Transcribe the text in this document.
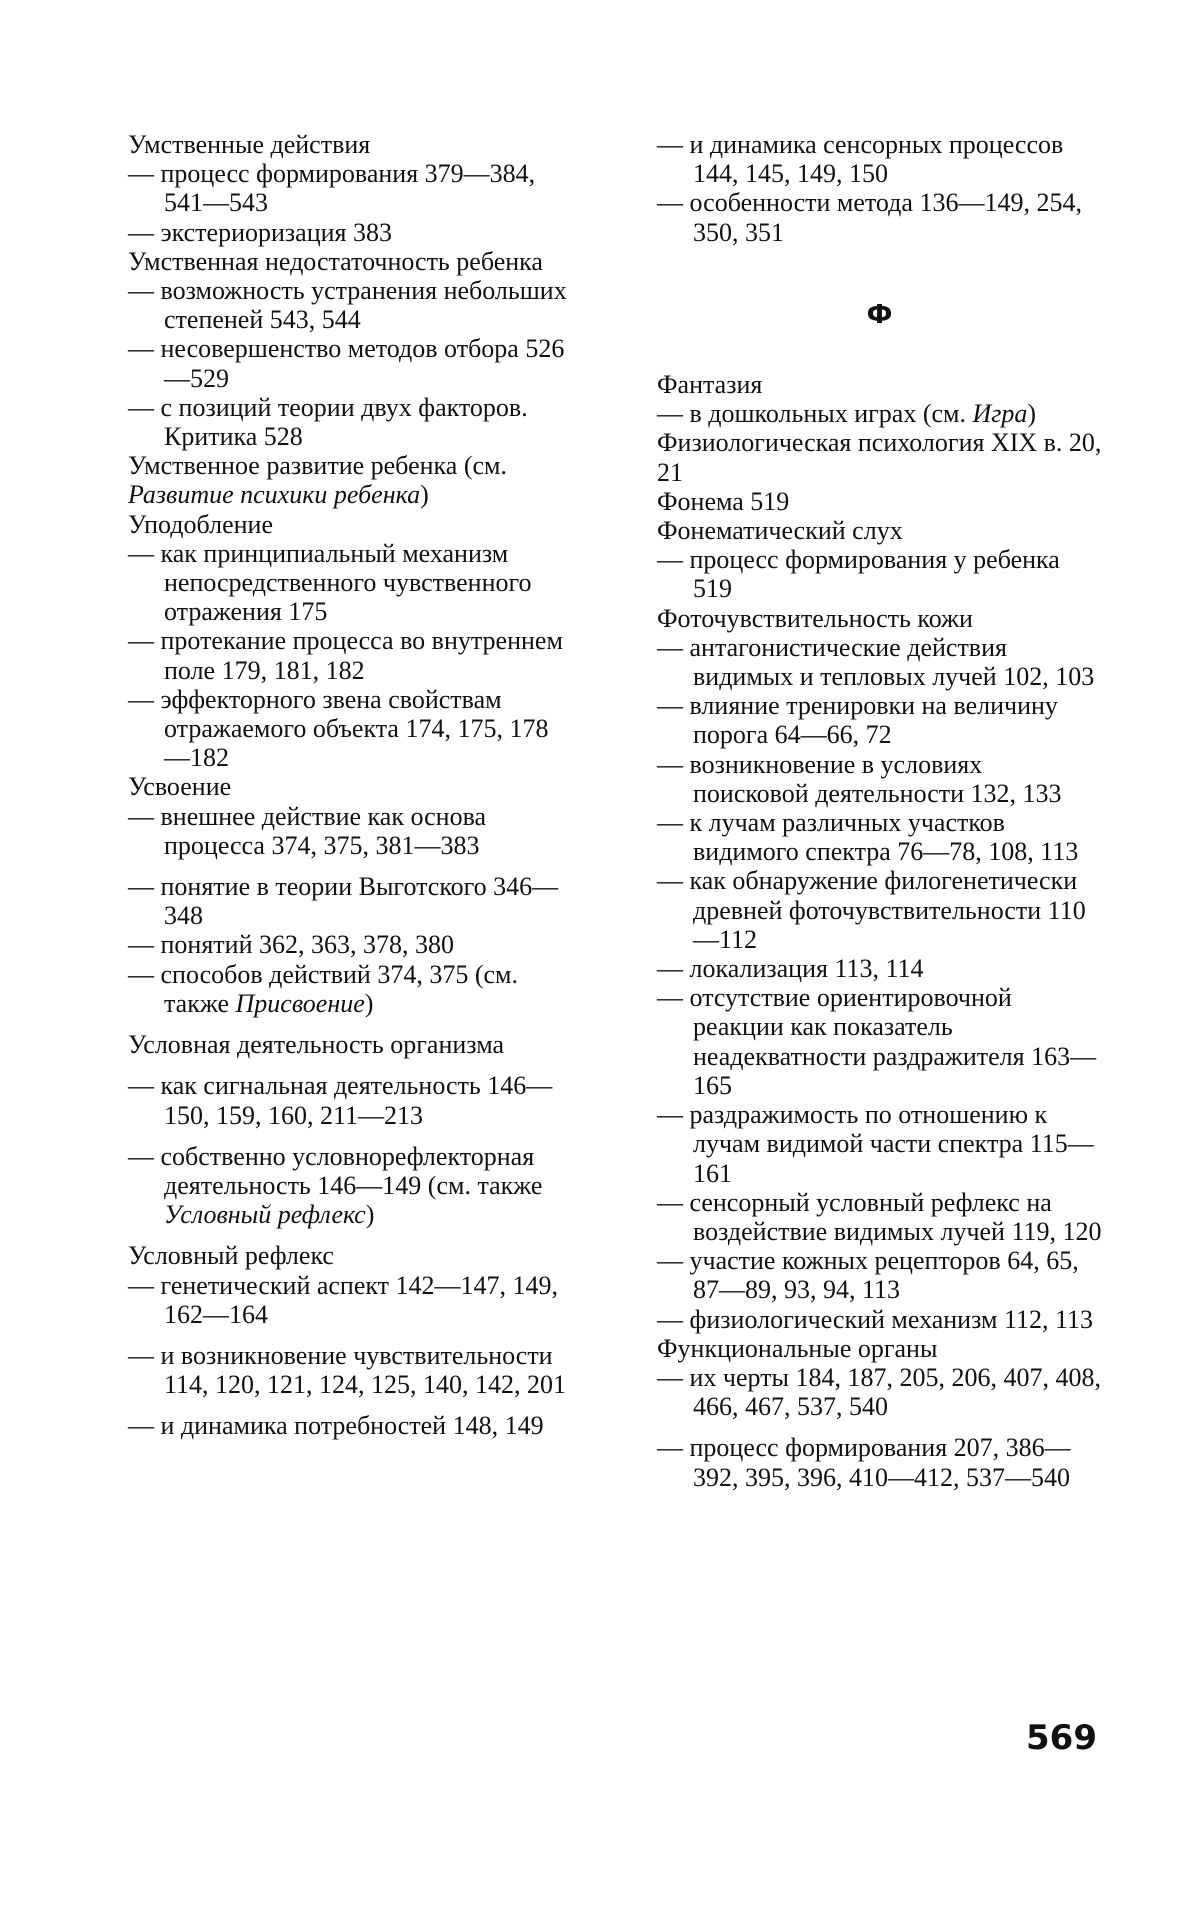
Умственные действия

— процесс формирования 379—384, 541—543

— экстериоризация 383

Умственная недостаточность ребенка

— возможность устранения небольших степеней 543, 544

— несовершенство методов отбора 526—529

— с позиций теории двух факторов. Критика 528

Умственное развитие ребенка (см. Развитие психики ребенка)

Уподобление

— как принципиальный механизм непосредственного чувственного отражения 175

— протекание процесса во внутреннем поле 179, 181, 182

— эффекторного звена свойствам отражаемого объекта 174, 175, 178—182

Усвоение

— внешнее действие как основа процесса 374, 375, 381—383

— понятие в теории Выготского 346—348

— понятий 362, 363, 378, 380

— способов действий 374, 375 (см. также Присвоение)

Условная деятельность организма

— как сигнальная деятельность 146—150, 159, 160, 211—213

— собственно условнорефлекторная деятельность 146—149 (см. также Условный рефлекс)

Условный рефлекс

— генетический аспект 142—147, 149, 162—164

— и возникновение чувствительности 114, 120, 121, 124, 125, 140, 142, 201

— и динамика потребностей 148, 149

— и динамика сенсорных процессов 144, 145, 149, 150

— особенности метода 136—149, 254, 350, 351

Ф

Фантазия

— в дошкольных играх (см. Игра)

Физиологическая психология XIX в. 20, 21

Фонема 519

Фонематический слух

— процесс формирования у ребенка 519

Фоточувствительность кожи

— антагонистические действия видимых и тепловых лучей 102, 103

— влияние тренировки на величину порога 64—66, 72

— возникновение в условиях поисковой деятельности 132, 133

— к лучам различных участков видимого спектра 76—78, 108, 113

— как обнаружение филогенетически древней фоточувствительности 110—112

— локализация 113, 114

— отсутствие ориентировочной реакции как показатель неадекватности раздражителя 163—165

— раздражимость по отношению к лучам видимой части спектра 115—161

— сенсорный условный рефлекс на воздействие видимых лучей 119, 120

— участие кожных рецепторов 64, 65, 87—89, 93, 94, 113

— физиологический механизм 112, 113

Функциональные органы

— их черты 184, 187, 205, 206, 407, 408, 466, 467, 537, 540

— процесс формирования 207, 386—392, 395, 396, 410—412, 537—540

569
